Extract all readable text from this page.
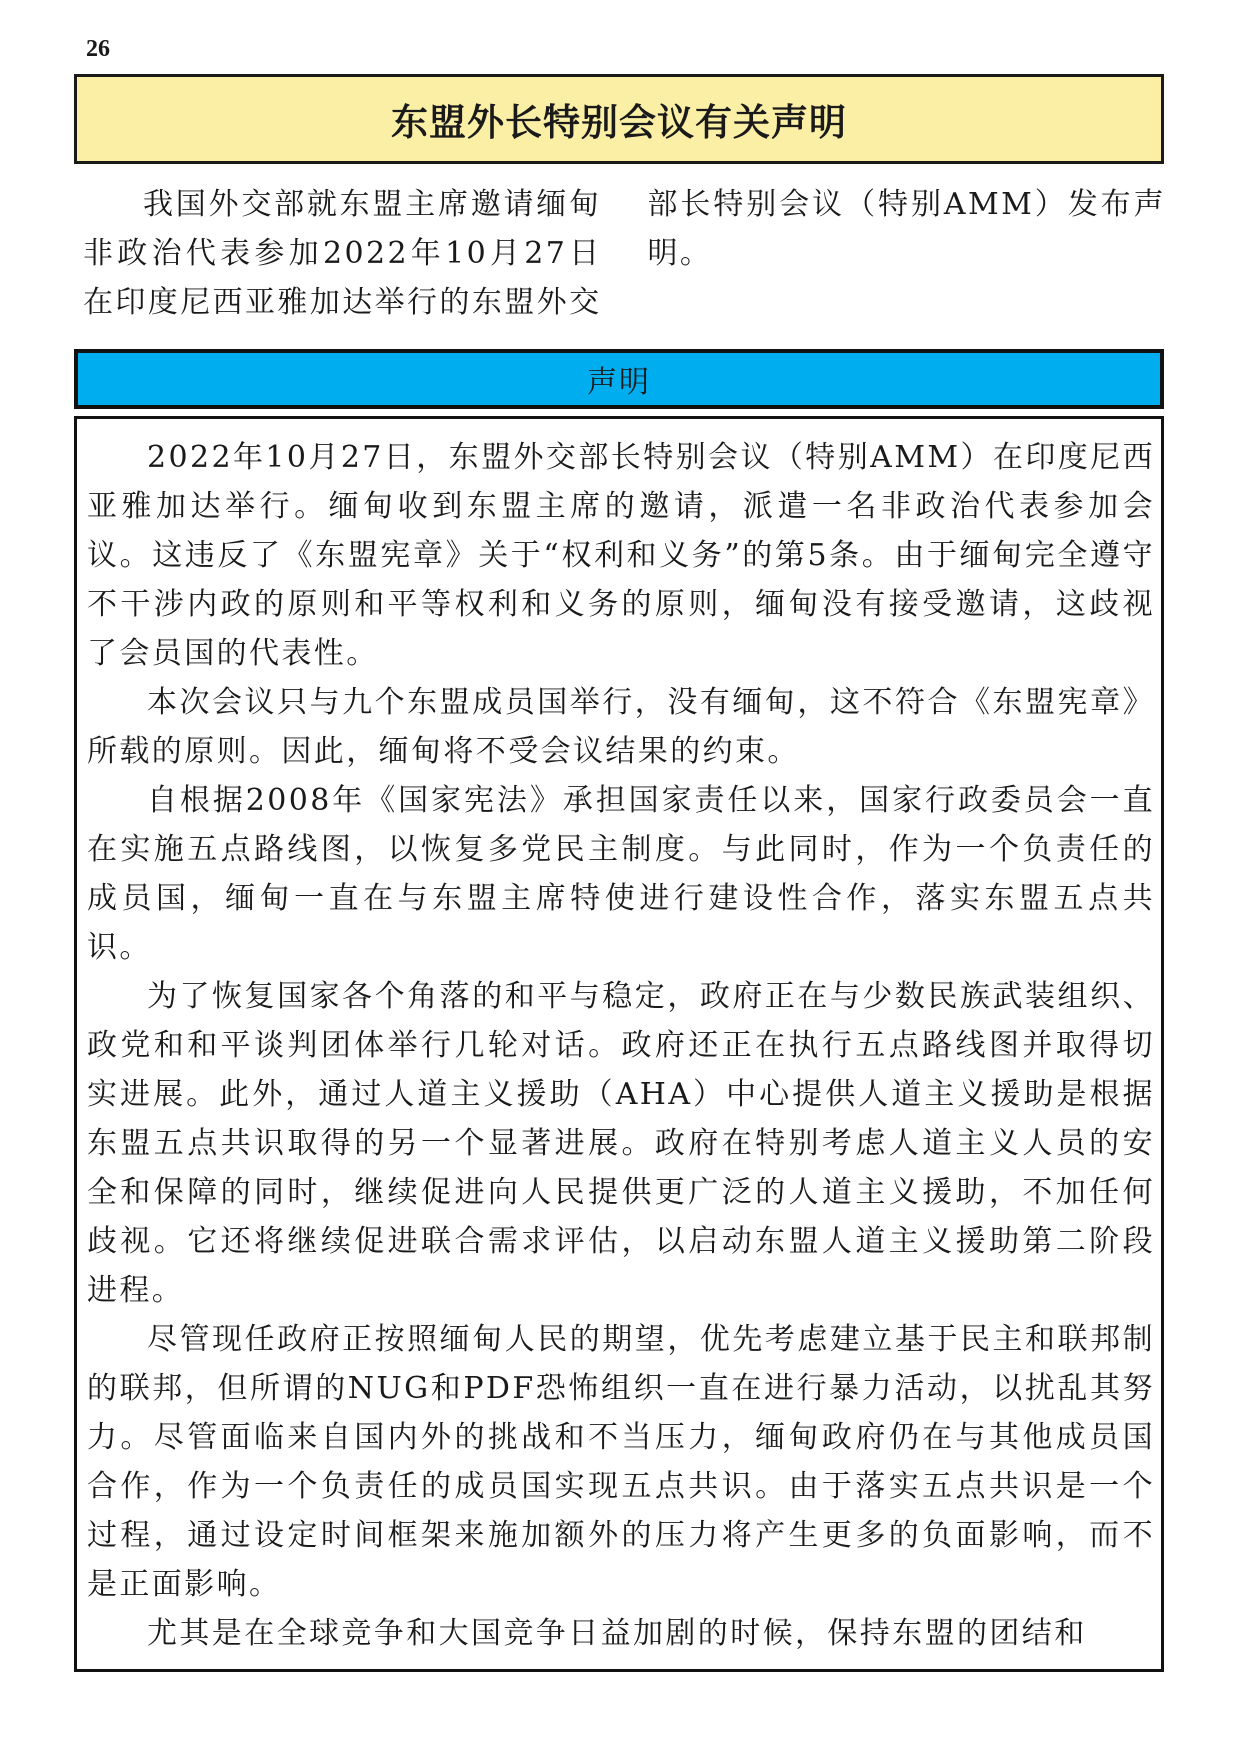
26
东盟外长特别会议有关声明

我国外交部就东盟主席邀请缅甸非政治代表参加2022年10月27日在印度尼西亚雅加达举行的东盟外交部长特别会议（特别AMM）发布声明。

声明

2022年10月27日，东盟外交部长特别会议（特别AMM）在印度尼西亚雅加达举行。缅甸收到东盟主席的邀请，派遣一名非政治代表参加会议。这违反了《东盟宪章》关于“权利和义务”的第5条。由于缅甸完全遵守不干涉内政的原则和平等权利和义务的原则，缅甸没有接受邀请，这歧视了会员国的代表性。

本次会议只与九个东盟成员国举行，没有缅甸，这不符合《东盟宪章》所载的原则。因此，缅甸将不受会议结果的约束。

自根据2008年《国家宪法》承担国家责任以来，国家行政委员会一直在实施五点路线图，以恢复多党民主制度。与此同时，作为一个负责任的成员国，缅甸一直在与东盟主席特使进行建设性合作，落实东盟五点共识。

为了恢复国家各个角落的和平与稳定，政府正在与少数民族武装组织、政党和和平谈判团体举行几轮对话。政府还正在执行五点路线图并取得切实进展。此外，通过人道主义援助（AHA）中心提供人道主义援助是根据东盟五点共识取得的另一个显著进展。政府在特别考虑人道主义人员的安全和保障的同时，继续促进向人民提供更广泛的人道主义援助，不加任何歧视。它还将继续促进联合需求评估，以启动东盟人道主义援助第二阶段进程。

尽管现任政府正按照缅甸人民的期望，优先考虑建立基于民主和联邦制的联邦，但所谓的NUG和PDF恐怖组织一直在进行暴力活动，以扰乱其努力。尽管面临来自国内外的挑战和不当压力，缅甸政府仍在与其他成员国合作，作为一个负责任的成员国实现五点共识。由于落实五点共识是一个过程，通过设定时间框架来施加额外的压力将产生更多的负面影响，而不是正面影响。

尤其是在全球竞争和大国竞争日益加剧的时候，保持东盟的团结和
